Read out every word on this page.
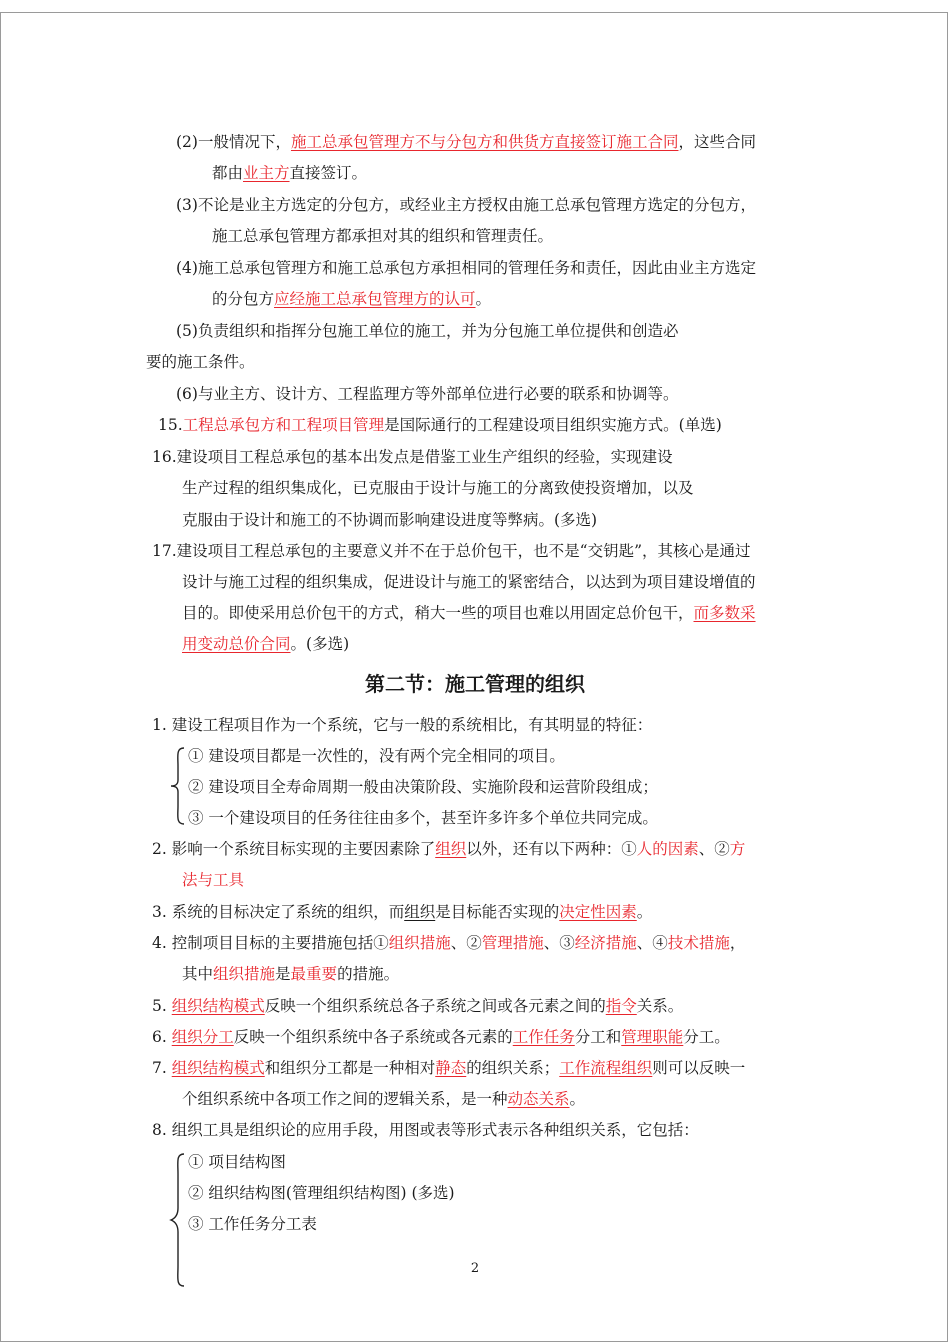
(2)一般情况下，施工总承包管理方不与分包方和供货方直接签订施工合同，这些合同
都由业主方直接签订。
(3)不论是业主方选定的分包方，或经业主方授权由施工总承包管理方选定的分包方，
施工总承包管理方都承担对其的组织和管理责任。
(4)施工总承包管理方和施工总承包方承担相同的管理任务和责任，因此由业主方选定
的分包方应经施工总承包管理方的认可。
(5)负责组织和指挥分包施工单位的施工，并为分包施工单位提供和创造必
要的施工条件。
(6)与业主方、设计方、工程监理方等外部单位进行必要的联系和协调等。
15.工程总承包方和工程项目管理是国际通行的工程建设项目组织实施方式。(单选)
16.建设项目工程总承包的基本出发点是借鉴工业生产组织的经验，实现建设
生产过程的组织集成化，已克服由于设计与施工的分离致使投资增加，以及
克服由于设计和施工的不协调而影响建设进度等弊病。(多选)
17.建设项目工程总承包的主要意义并不在于总价包干，也不是“交钥匙”，其核心是通过
设计与施工过程的组织集成，促进设计与施工的紧密结合，以达到为项目建设增值的
目的。即使采用总价包干的方式，稍大一些的项目也难以用固定总价包干，而多数采
用变动总价合同。(多选)
1. 建设工程项目作为一个系统，它与一般的系统相比，有其明显的特征：
① 建设项目都是一次性的，没有两个完全相同的项目。
② 建设项目全寿命周期一般由决策阶段、实施阶段和运营阶段组成；
③ 一个建设项目的任务往往由多个，甚至许多许多个单位共同完成。
2. 影响一个系统目标实现的主要因素除了组织以外，还有以下两种：①人的因素、②方
法与工具
3. 系统的目标决定了系统的组织，而组织是目标能否实现的决定性因素。
4. 控制项目目标的主要措施包括①组织措施、②管理措施、③经济措施、④技术措施，
其中组织措施是最重要的措施。
5. 组织结构模式反映一个组织系统总各子系统之间或各元素之间的指令关系。
6. 组织分工反映一个组织系统中各子系统或各元素的工作任务分工和管理职能分工。
7. 组织结构模式和组织分工都是一种相对静态的组织关系；工作流程组织则可以反映一
个组织系统中各项工作之间的逻辑关系，是一种动态关系。
8. 组织工具是组织论的应用手段，用图或表等形式表示各种组织关系，它包括：
① 项目结构图
② 组织结构图(管理组织结构图) (多选)
③ 工作任务分工表
第二节：施工管理的组织
2
